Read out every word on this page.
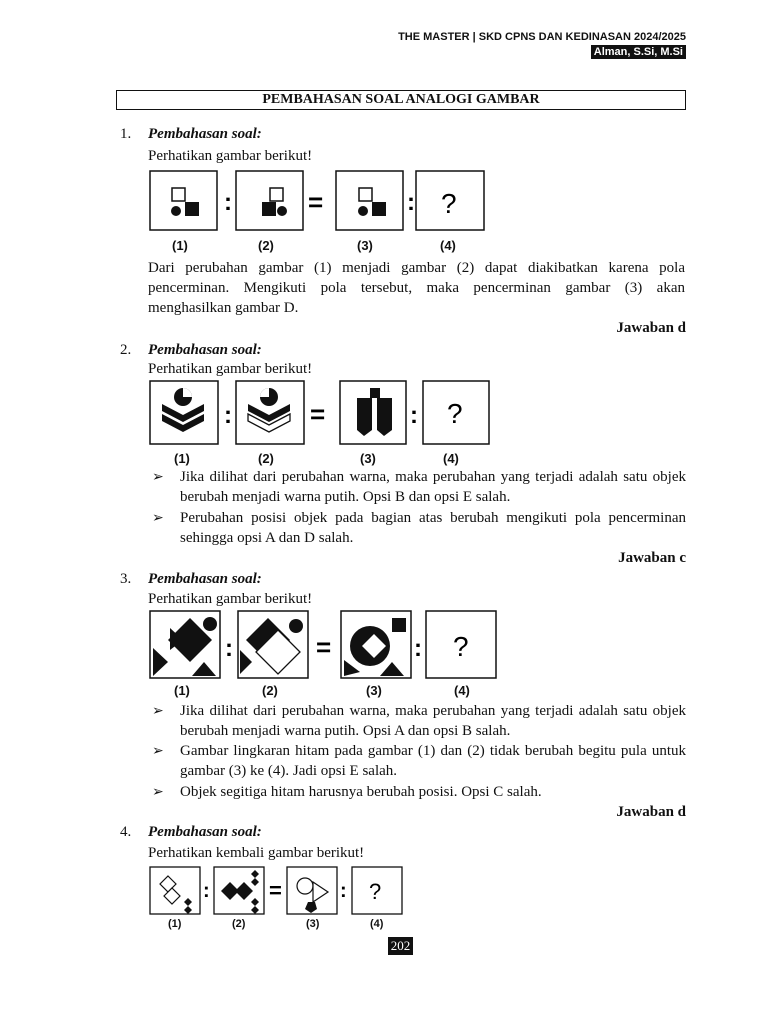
THE MASTER | SKD CPNS DAN KEDINASAN 2024/2025
Alman, S.Si, M.Si
PEMBAHASAN SOAL ANALOGI GAMBAR
1. Pembahasan soal:
Perhatikan gambar berikut!
:	=	: ?
(1)	(2)	(3)	(4)
Dari perubahan gambar (1) menjadi gambar (2) dapat diakibatkan karena pola pencerminan. Mengikuti pola tersebut, maka pencerminan gambar (3) akan menghasilkan gambar D.
Jawaban d
2. Pembahasan soal:
Perhatikan gambar berikut!
:	=	: ?
(1)	(2)	(3)	(4)
➢ Jika dilihat dari perubahan warna, maka perubahan yang terjadi adalah satu objek berubah menjadi warna putih. Opsi B dan opsi E salah.
➢ Perubahan posisi objek pada bagian atas berubah mengikuti pola pencerminan sehingga opsi A dan D salah.
Jawaban c
3. Pembahasan soal:
Perhatikan gambar berikut!
:	=	: ?
(1)	(2)	(3)	(4)
➢ Jika dilihat dari perubahan warna, maka perubahan yang terjadi adalah satu objek berubah menjadi warna putih. Opsi A dan opsi B salah.
➢ Gambar lingkaran hitam pada gambar (1) dan (2) tidak berubah begitu pula untuk gambar (3) ke (4). Jadi opsi E salah.
➢ Objek segitiga hitam harusnya berubah posisi. Opsi C salah.
Jawaban d
4. Pembahasan soal:
Perhatikan kembali gambar berikut!
:	=	: ?
(1)	(2)	(3)	(4)
202
